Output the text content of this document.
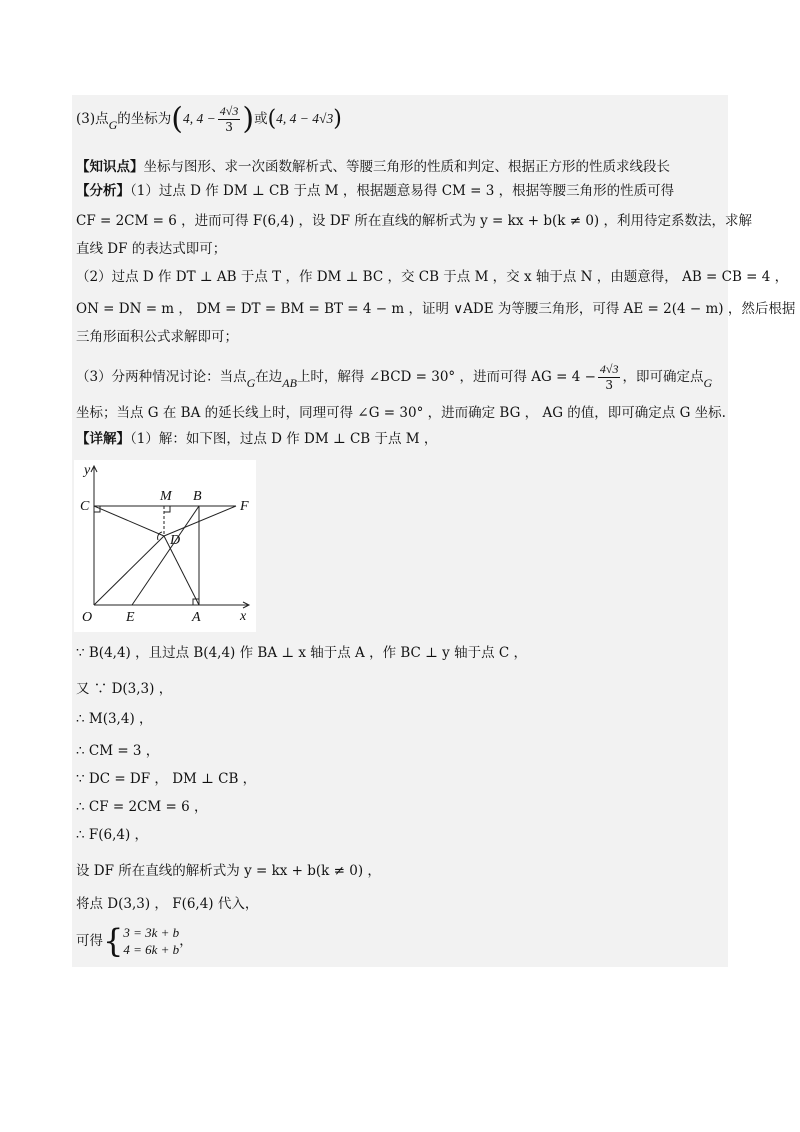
(3)点G的坐标为(4, $4 - \frac{4√3}{3}$ )或(4, 4 − 4√3)
【知识点】坐标与图形、求一次函数解析式、等腰三角形的性质和判定、根据正方形的性质求线段长
【分析】（1）过点 D 作 DM ⊥ CB 于点 M ，根据题意易得 CM = 3 ，根据等腰三角形的性质可得
CF = 2CM = 6 ，进而可得 F(6,4) ，设 DF 所在直线的解析式为 y = kx + b(k ≠ 0) ，利用待定系数法，求解
直线 DF 的表达式即可；
（2）过点 D 作 DT ⊥ AB 于点 T ，作 DM ⊥ BC ，交 CB 于点 M ，交 x 轴于点 N ，由题意得， AB = CB = 4 ，
ON = DN = m ， DM = DT = BM = BT = 4 − m ，证明 ∨ADE 为等腰三角形，可得 AE = 2(4 − m) ，然后根据
三角形面积公式求解即可；
（3）分两种情况讨论：当点G在边AB上时，解得 ∠BCD = 30° ，进而可得 AG = $4 - \frac{4√3}{3}$ ，即可确定点G
坐标；当点 G 在 BA 的延长线上时，同理可得 ∠G = 30° ，进而确定 BG ， AG 的值，即可确定点 G 坐标.
【详解】（1）解：如下图，过点 D 作 DM ⊥ CB 于点 M ，
y
x
O E	A
C
M B
F
D
∵ B(4,4) ，且过点 B(4,4) 作 BA ⊥ x 轴于点 A ，作 BC ⊥ y 轴于点 C ，
又 ∵ D(3,3) ，
∴ M(3,4) ，
∴ CM = 3 ，
∵ DC = DF ， DM ⊥ CB ，
∴ CF = 2CM = 6 ，
∴ F(6,4) ，
设 DF 所在直线的解析式为 y = kx + b(k ≠ 0) ，
将点 D(3,3) ， F(6,4) 代入，
可得{ 3 = 3k + b
4 = 6k + b
，
